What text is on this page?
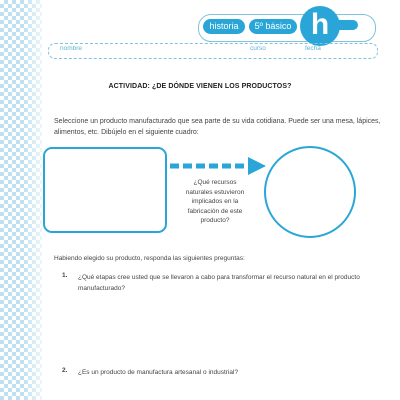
historia	5º básico h
nombre	curso	fecha
ACTIVIDAD: ¿DE DÓNDE VIENEN LOS PRODUCTOS?
Seleccione un producto manufacturado que sea parte de su vida cotidiana. Puede ser una mesa, lápices, alimentos, etc. Dibújelo en el siguiente cuadro:
¿Qué recursos
naturales estuvieron
implicados en la
fabricación de este
producto?
Habiendo elegido su producto, responda las siguientes preguntas:
1. ¿Qué etapas cree usted que se llevaron a cabo para transformar el recurso natural en el producto manufacturado?
2. ¿Es un producto de manufactura artesanal o industrial?
